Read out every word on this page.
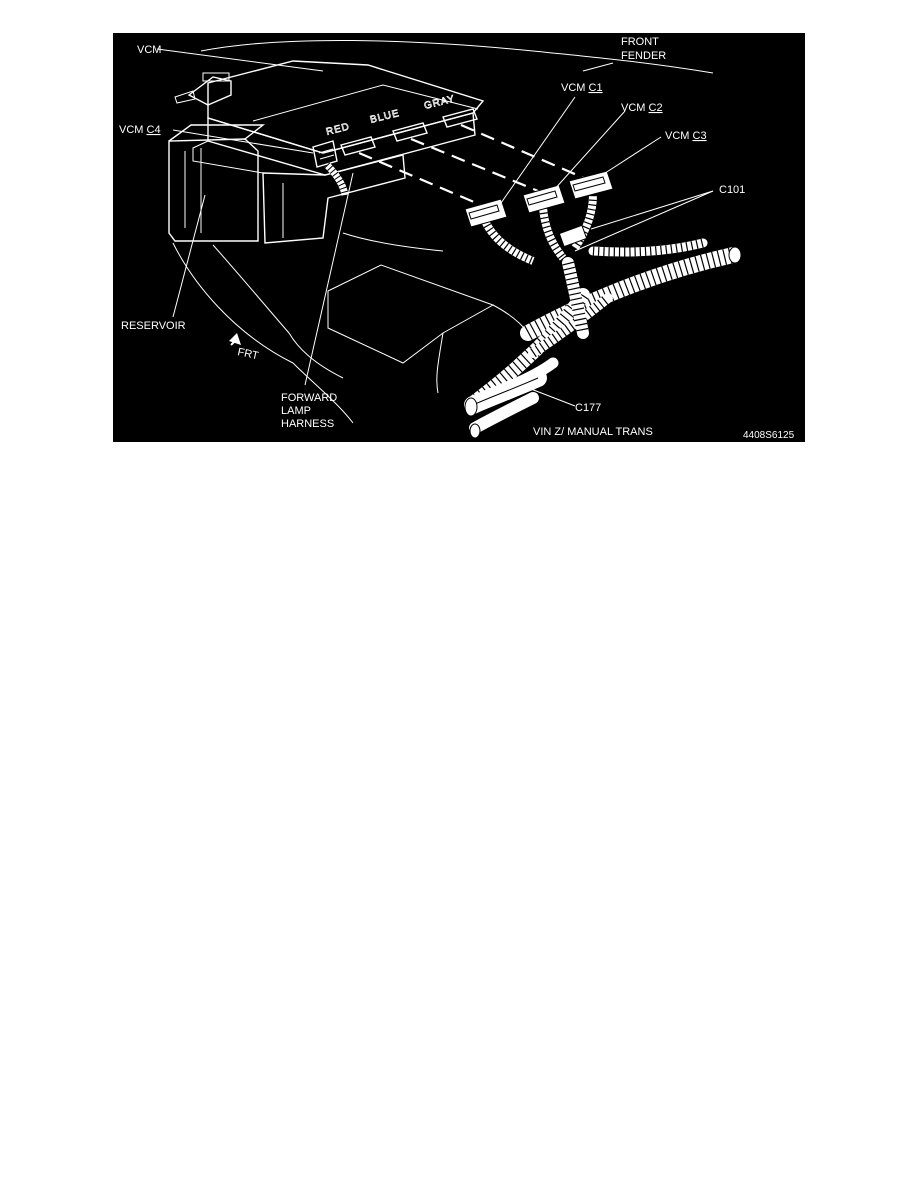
RED
BLUE
GRAY
VCM
FRONT
FENDER
VCM C1
VCM C2
VCM C3
VCM C4
C101
RESERVOIR
FRT
FORWARD
LAMP
HARNESS
C177
VIN Z/ MANUAL TRANS	4408S6125
